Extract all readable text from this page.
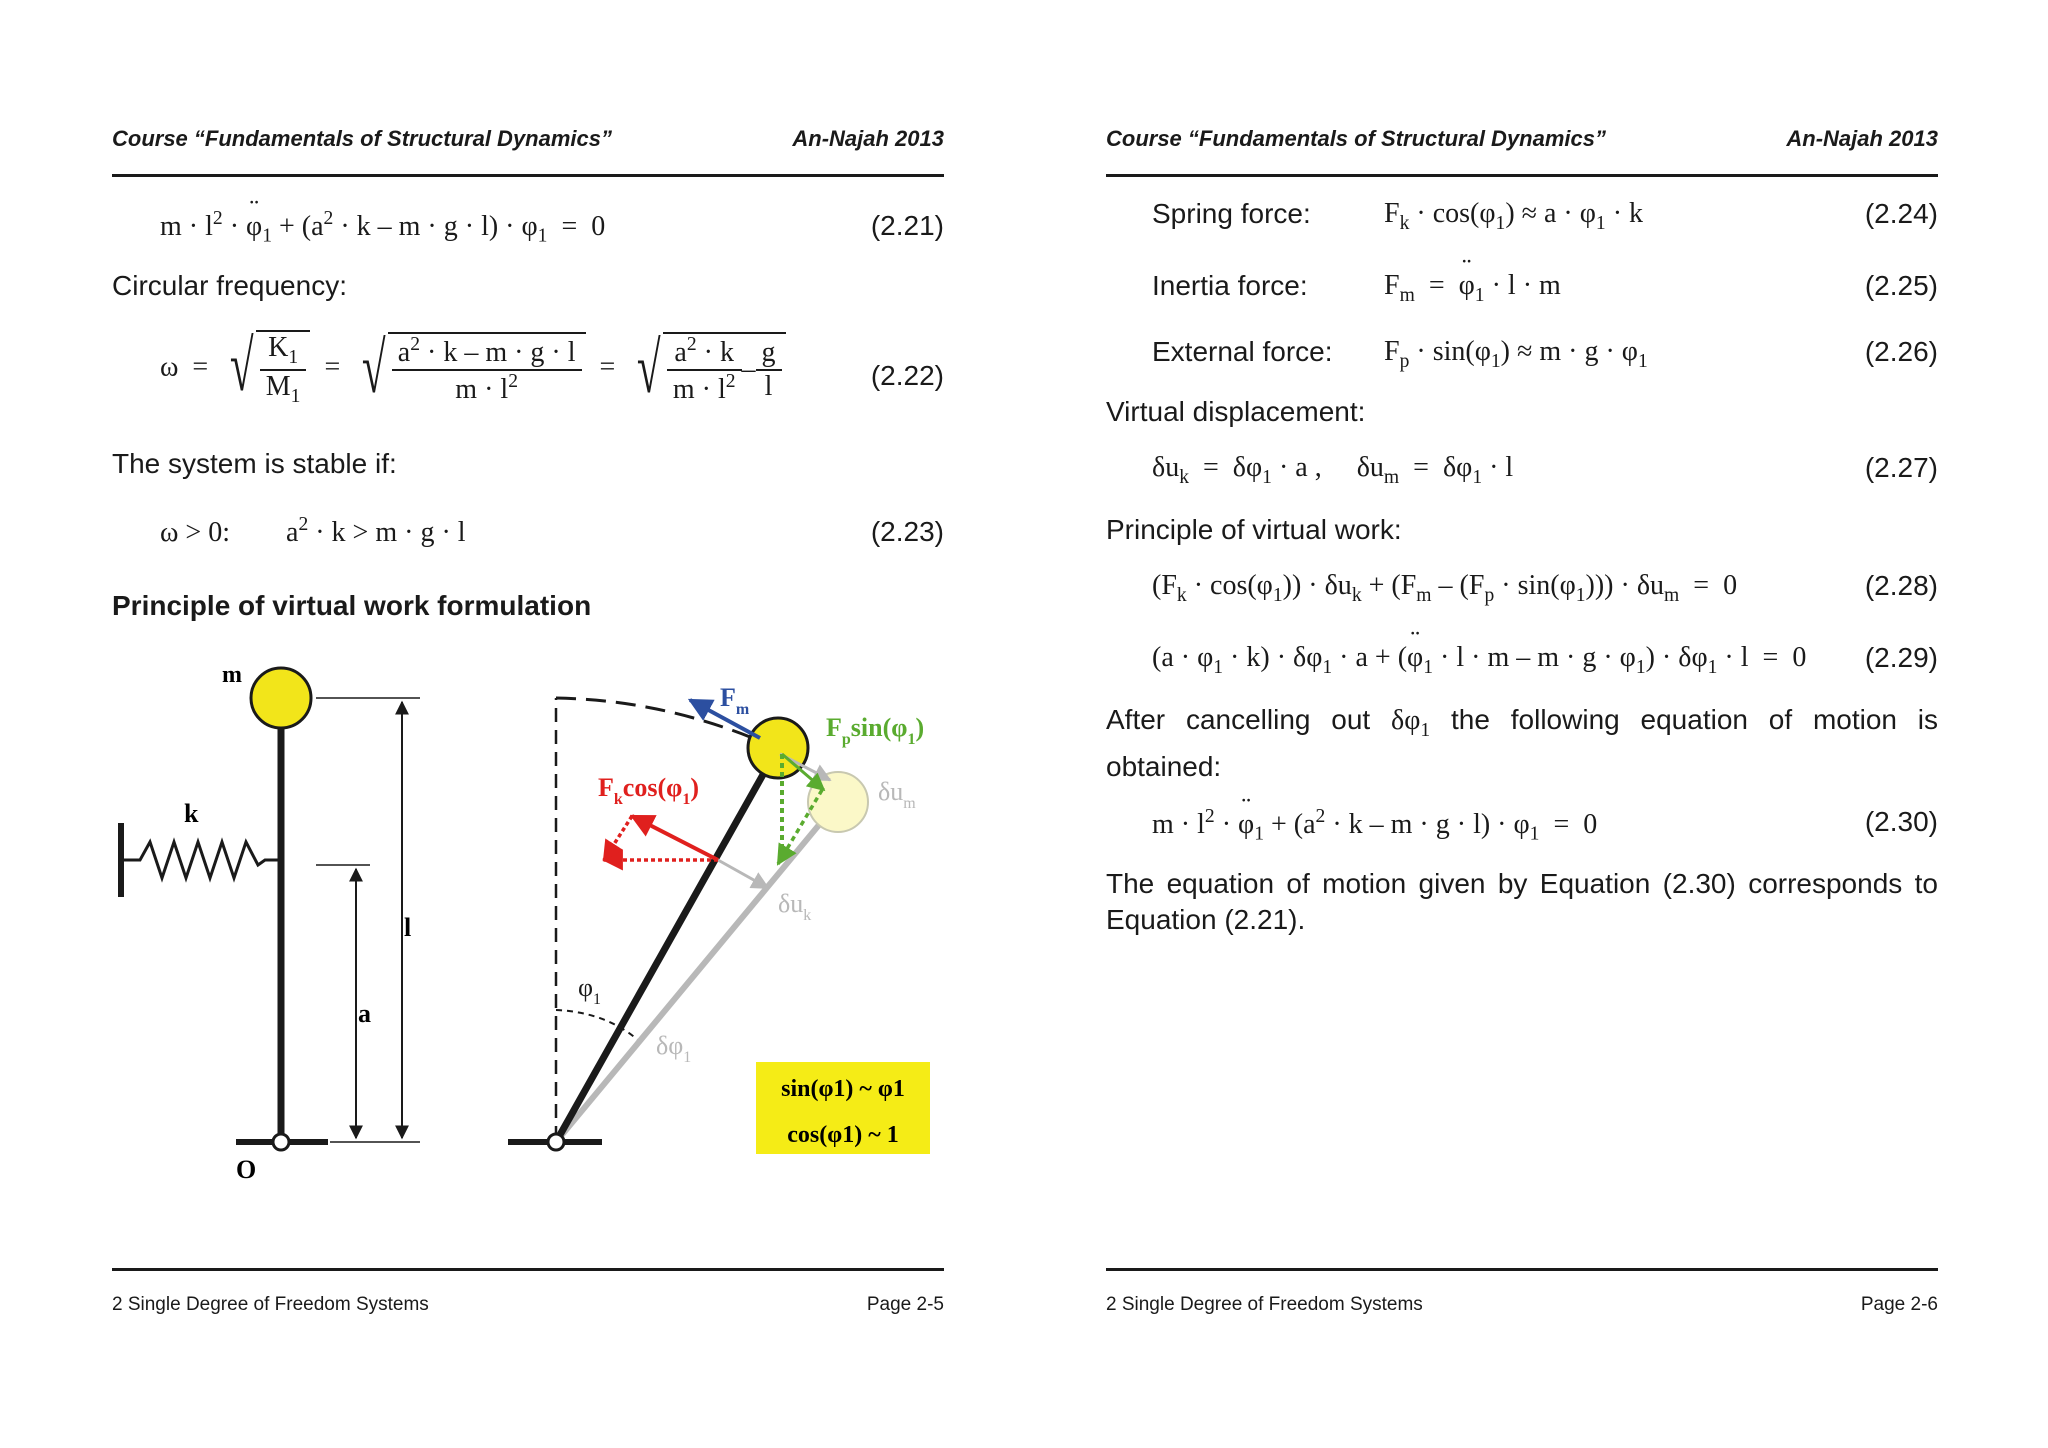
Course “Fundamentals of Structural Dynamics”	An-Najah 2013
$m \cdot l^2$ · ¨ $\varphi_1 + (a^2 \cdot k - m \cdot g \cdot l) \cdot \varphi_1 = 0$	(2.21)
Circular frequency:
ω  = √ $\frac{K_1}{M_1}$ = √ $\frac{a^2 \cdot k - m \cdot g \cdot l}{m \cdot l^2}$ = √ $\frac{a^2 \cdot k}{m \cdot l^2} - \frac{g}{l}$	(2.22)
The system is stable if:
ω > 0:        $a^2 \cdot k > m \cdot g \cdot l$	(2.23)
Principle of virtual work formulation
2 Single Degree of Freedom Systems	Page 2-5
m
k
O
l
a
$F_m$
$F_p\sin(\varphi_1)$
$F_k\cos(\varphi_1)$	$\delta u_m$
$\delta u_k$
$\varphi_1$
$\delta\varphi_1$
sin(φ1) ~ φ1
cos(φ1) ~ 1
Course “Fundamentals of Structural Dynamics”	An-Najah 2013
Spring force:	$F_k \cdot \cos(\varphi_1) \approx a \cdot \varphi_1 \cdot k$	(2.24)
Inertia force:	$F_m$  =  ¨ $\varphi_1 \cdot l \cdot m$	(2.25)
External force: $F_p \cdot \sin(\varphi_1) \approx m \cdot g \cdot \varphi_1$	(2.26)
Virtual displacement:
$\delta u_k = \delta\varphi_1 \cdot a$ ,     $\delta u_m = \delta\varphi_1 \cdot l$	(2.27)
Principle of virtual work:
$(F_k \cdot \cos(\varphi_1)) \cdot \delta u_k + (F_m - (F_p \cdot \sin(\varphi_1))) \cdot \delta u_m = 0$	(2.28)
$(a \cdot \varphi_1 \cdot k) \cdot \delta\varphi_1 \cdot a$ + (¨ $\varphi_1 \cdot l \cdot m - m \cdot g \cdot \varphi_1) \cdot \delta\varphi_1 \cdot l = 0$ (2.29)
After cancelling out $\delta\varphi_1$ the following equation of motion is obtained:
$m \cdot l^2$ · ¨ $\varphi_1 + (a^2 \cdot k - m \cdot g \cdot l) \cdot \varphi_1 = 0$	(2.30)
The equation of motion given by Equation (2.30) corresponds to Equation (2.21).
2 Single Degree of Freedom Systems	Page 2-6
